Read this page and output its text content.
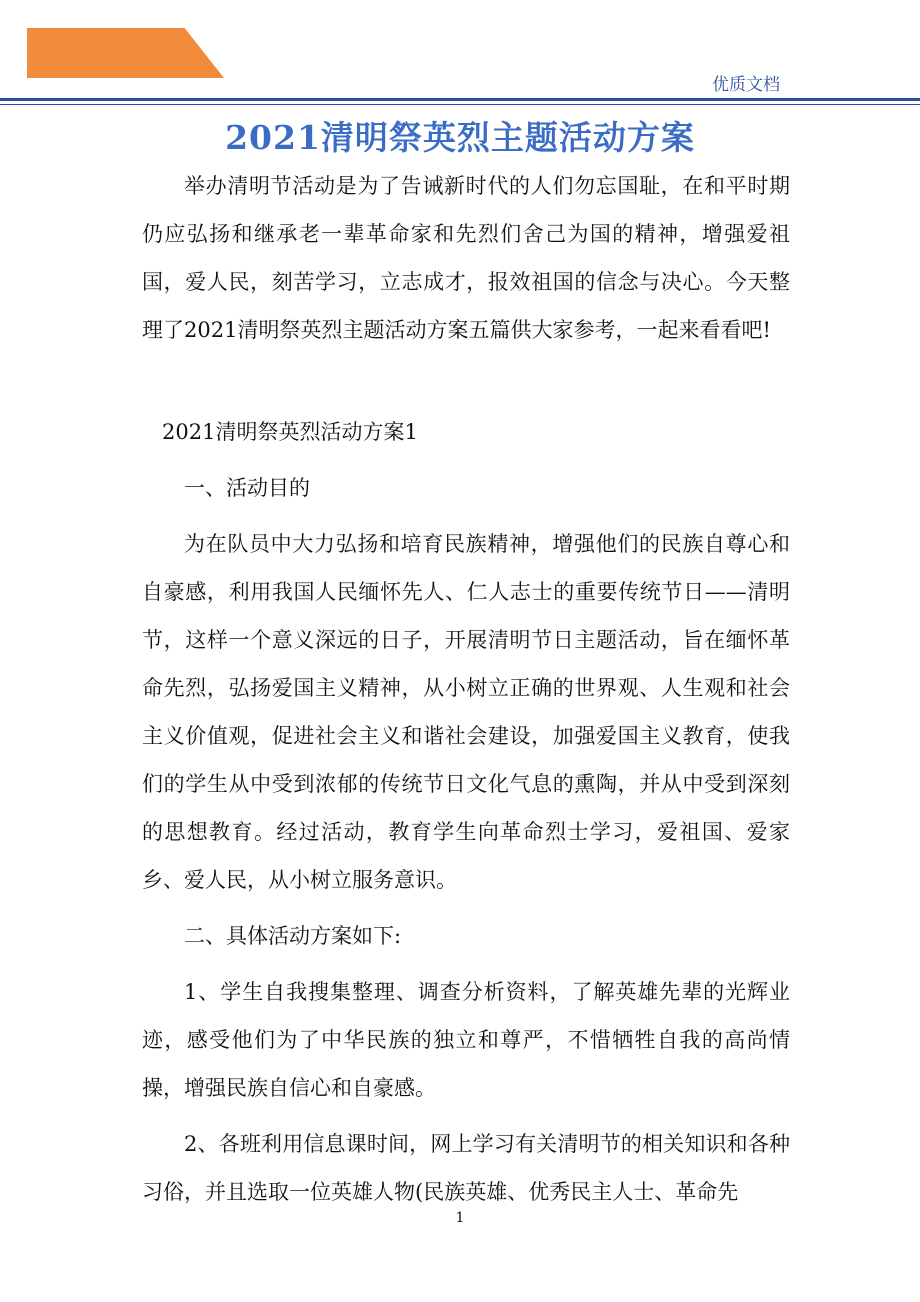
优质文档
2021清明祭英烈主题活动方案

举办清明节活动是为了告诫新时代的人们勿忘国耻，在和平时期仍应弘扬和继承老一辈革命家和先烈们舍己为国的精神，增强爱祖国，爱人民，刻苦学习，立志成才，报效祖国的信念与决心。今天整理了2021清明祭英烈主题活动方案五篇供大家参考，一起来看看吧!

2021清明祭英烈活动方案1

一、活动目的

为在队员中大力弘扬和培育民族精神，增强他们的民族自尊心和自豪感，利用我国人民缅怀先人、仁人志士的重要传统节日——清明节，这样一个意义深远的日子，开展清明节日主题活动，旨在缅怀革命先烈，弘扬爱国主义精神，从小树立正确的世界观、人生观和社会主义价值观，促进社会主义和谐社会建设，加强爱国主义教育，使我们的学生从中受到浓郁的传统节日文化气息的熏陶，并从中受到深刻的思想教育。经过活动，教育学生向革命烈士学习，爱祖国、爱家乡、爱人民，从小树立服务意识。

二、具体活动方案如下:

1、学生自我搜集整理、调查分析资料，了解英雄先辈的光辉业迹，感受他们为了中华民族的独立和尊严，不惜牺牲自我的高尚情操，增强民族自信心和自豪感。

2、各班利用信息课时间，网上学习有关清明节的相关知识和各种习俗，并且选取一位英雄人物(民族英雄、优秀民主人士、革命先

1
